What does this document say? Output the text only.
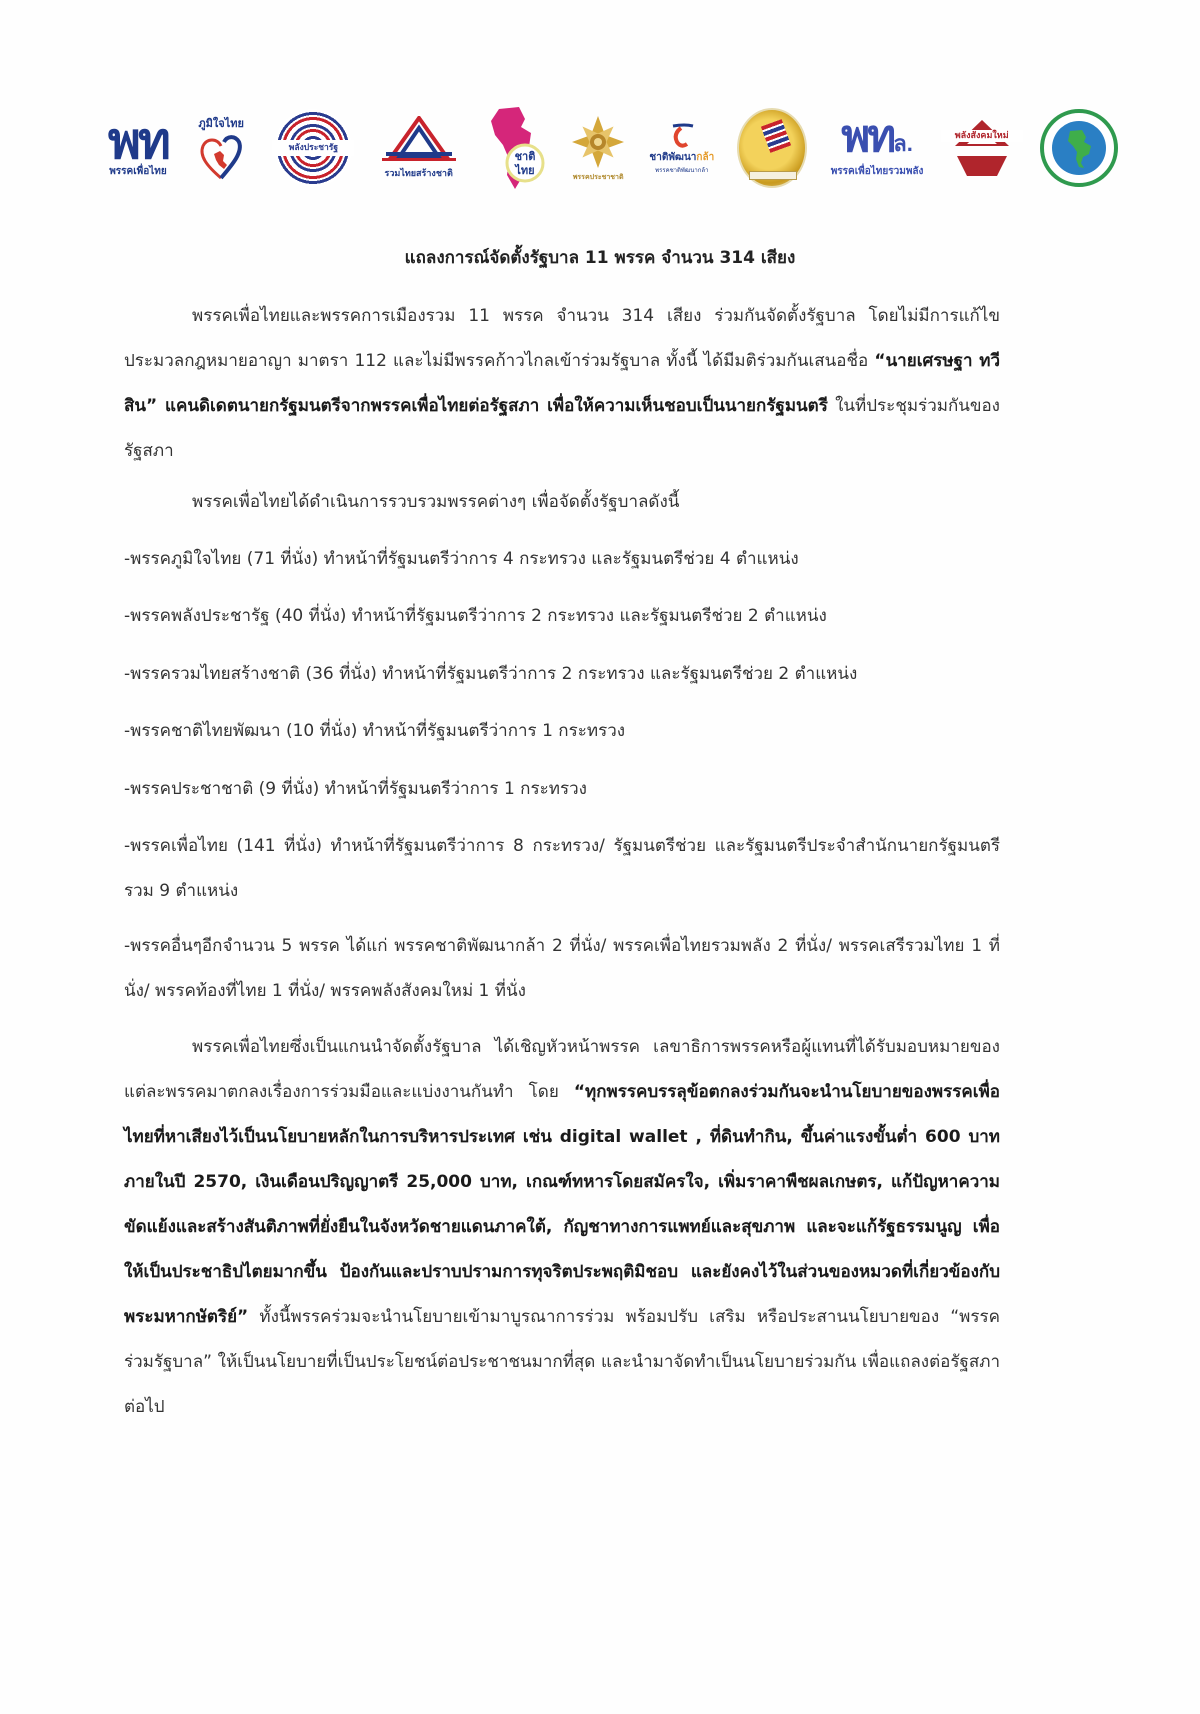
พท
พรรคเพื่อไทย
ภูมิใจไทย
พลังประชารัฐ
รวมไทยสร้างชาติ
ชาติ
ไทย	พรรคประชาชาติ
ชาติพัฒนากล้า
พรรคชาติพัฒนากล้า
พทล.
พรรคเพื่อไทยรวมพลัง
พลังสังคมใหม่
แถลงการณ์จัดตั้งรัฐบาล 11 พรรค จำนวน 314 เสียง
พรรคเพื่อไทยและพรรคการเมืองรวม 11 พรรค จำนวน 314 เสียง ร่วมกันจัดตั้งรัฐบาล โดยไม่มีการแก้ไขประมวลกฎหมายอาญา มาตรา 112 และไม่มีพรรคก้าวไกลเข้าร่วมรัฐบาล ทั้งนี้ ได้มีมติร่วมกันเสนอชื่อ “นายเศรษฐา ทวีสิน” แคนดิเดตนายกรัฐมนตรีจากพรรคเพื่อไทยต่อรัฐสภา เพื่อให้ความเห็นชอบเป็นนายกรัฐมนตรี ในที่ประชุมร่วมกันของรัฐสภา
พรรคเพื่อไทยได้ดำเนินการรวบรวมพรรคต่างๆ เพื่อจัดตั้งรัฐบาลดังนี้
-พรรคภูมิใจไทย (71 ที่นั่ง) ทำหน้าที่รัฐมนตรีว่าการ 4 กระทรวง และรัฐมนตรีช่วย 4 ตำแหน่ง
-พรรคพลังประชารัฐ (40 ที่นั่ง) ทำหน้าที่รัฐมนตรีว่าการ 2 กระทรวง และรัฐมนตรีช่วย 2 ตำแหน่ง
-พรรครวมไทยสร้างชาติ (36 ที่นั่ง) ทำหน้าที่รัฐมนตรีว่าการ 2 กระทรวง และรัฐมนตรีช่วย 2 ตำแหน่ง
-พรรคชาติไทยพัฒนา (10 ที่นั่ง) ทำหน้าที่รัฐมนตรีว่าการ 1 กระทรวง
-พรรคประชาชาติ (9 ที่นั่ง) ทำหน้าที่รัฐมนตรีว่าการ 1 กระทรวง
-พรรคเพื่อไทย (141 ที่นั่ง) ทำหน้าที่รัฐมนตรีว่าการ 8 กระทรวง/ รัฐมนตรีช่วย และรัฐมนตรีประจำสำนักนายกรัฐมนตรีรวม 9 ตำแหน่ง
-พรรคอื่นๆอีกจำนวน 5 พรรค ได้แก่ พรรคชาติพัฒนากล้า 2 ที่นั่ง/ พรรคเพื่อไทยรวมพลัง 2 ที่นั่ง/ พรรคเสรีรวมไทย 1 ที่นั่ง/ พรรคท้องที่ไทย 1 ที่นั่ง/ พรรคพลังสังคมใหม่ 1 ที่นั่ง
พรรคเพื่อไทยซึ่งเป็นแกนนำจัดตั้งรัฐบาล ได้เชิญหัวหน้าพรรค เลขาธิการพรรคหรือผู้แทนที่ได้รับมอบหมายของแต่ละพรรคมาตกลงเรื่องการร่วมมือและแบ่งงานกันทำ โดย “ทุกพรรคบรรลุข้อตกลงร่วมกันจะนำนโยบายของพรรคเพื่อไทยที่หาเสียงไว้เป็นนโยบายหลักในการบริหารประเทศ เช่น digital wallet , ที่ดินทำกิน, ขึ้นค่าแรงขั้นต่ำ 600 บาทภายในปี 2570, เงินเดือนปริญญาตรี 25,000 บาท, เกณฑ์ทหารโดยสมัครใจ, เพิ่มราคาพืชผลเกษตร, แก้ปัญหาความขัดแย้งและสร้างสันติภาพที่ยั่งยืนในจังหวัดชายแดนภาคใต้, กัญชาทางการแพทย์และสุขภาพ และจะแก้รัฐธรรมนูญ เพื่อให้เป็นประชาธิปไตยมากขึ้น ป้องกันและปราบปรามการทุจริตประพฤติมิชอบ และยังคงไว้ในส่วนของหมวดที่เกี่ยวข้องกับพระมหากษัตริย์” ทั้งนี้พรรคร่วมจะนำนโยบายเข้ามาบูรณาการร่วม พร้อมปรับ เสริม หรือประสานนโยบายของ “พรรคร่วมรัฐบาล” ให้เป็นนโยบายที่เป็นประโยชน์ต่อประชาชนมากที่สุด และนำมาจัดทำเป็นนโยบายร่วมกัน เพื่อแถลงต่อรัฐสภาต่อไป
